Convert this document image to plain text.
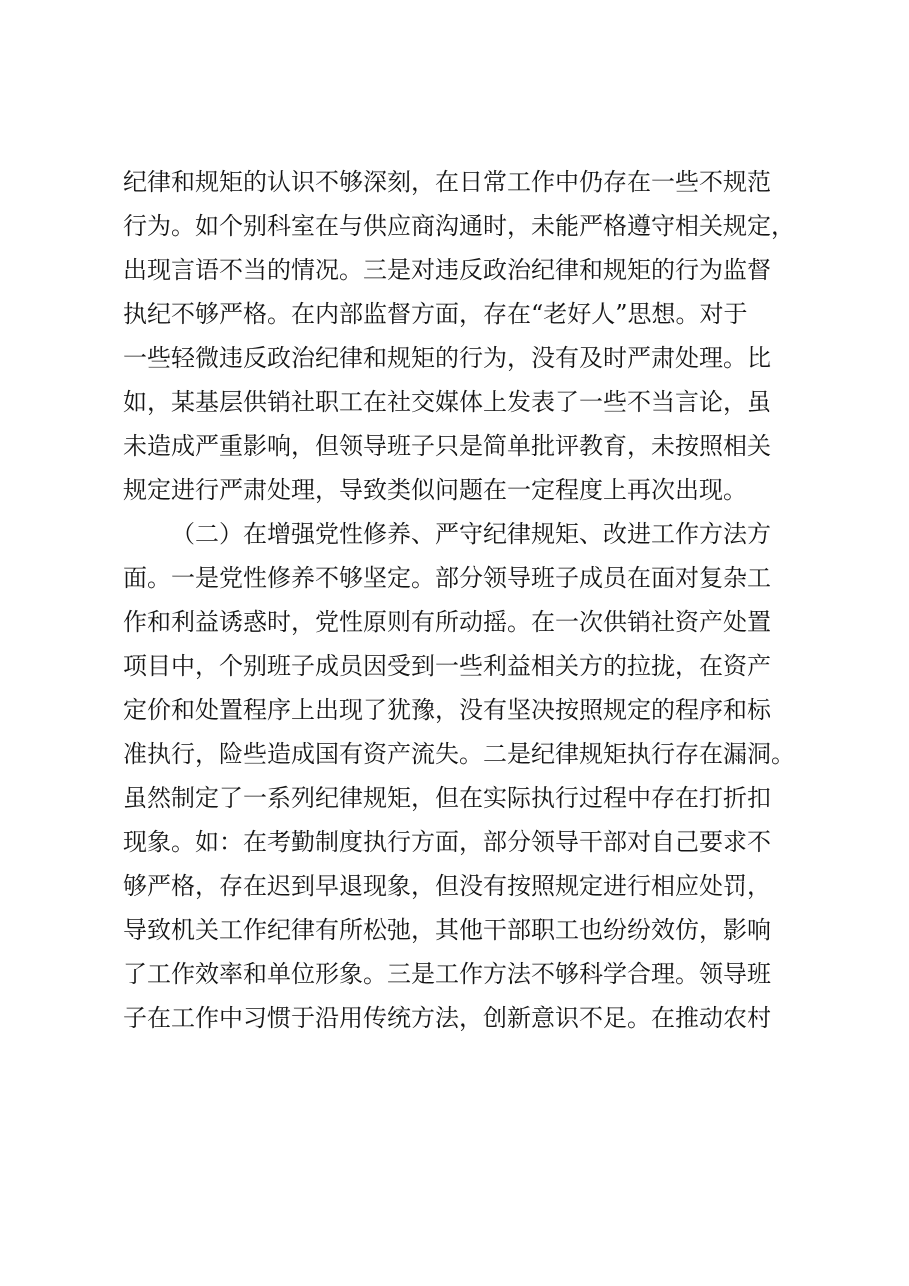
纪律和规矩的认识不够深刻，在日常工作中仍存在一些不规范
行为。如个别科室在与供应商沟通时，未能严格遵守相关规定，
出现言语不当的情况。三是对违反政治纪律和规矩的行为监督
执纪不够严格。在内部监督方面，存在“老好人”思想。对于
一些轻微违反政治纪律和规矩的行为，没有及时严肃处理。比
如，某基层供销社职工在社交媒体上发表了一些不当言论，虽
未造成严重影响，但领导班子只是简单批评教育，未按照相关
规定进行严肃处理，导致类似问题在一定程度上再次出现。
（二）在增强党性修养、严守纪律规矩、改进工作方法方
面。一是党性修养不够坚定。部分领导班子成员在面对复杂工
作和利益诱惑时，党性原则有所动摇。在一次供销社资产处置
项目中，个别班子成员因受到一些利益相关方的拉拢，在资产
定价和处置程序上出现了犹豫，没有坚决按照规定的程序和标
准执行，险些造成国有资产流失。二是纪律规矩执行存在漏洞。
虽然制定了一系列纪律规矩，但在实际执行过程中存在打折扣
现象。如：在考勤制度执行方面，部分领导干部对自己要求不
够严格，存在迟到早退现象，但没有按照规定进行相应处罚，
导致机关工作纪律有所松弛，其他干部职工也纷纷效仿，影响
了工作效率和单位形象。三是工作方法不够科学合理。领导班
子在工作中习惯于沿用传统方法，创新意识不足。在推动农村
